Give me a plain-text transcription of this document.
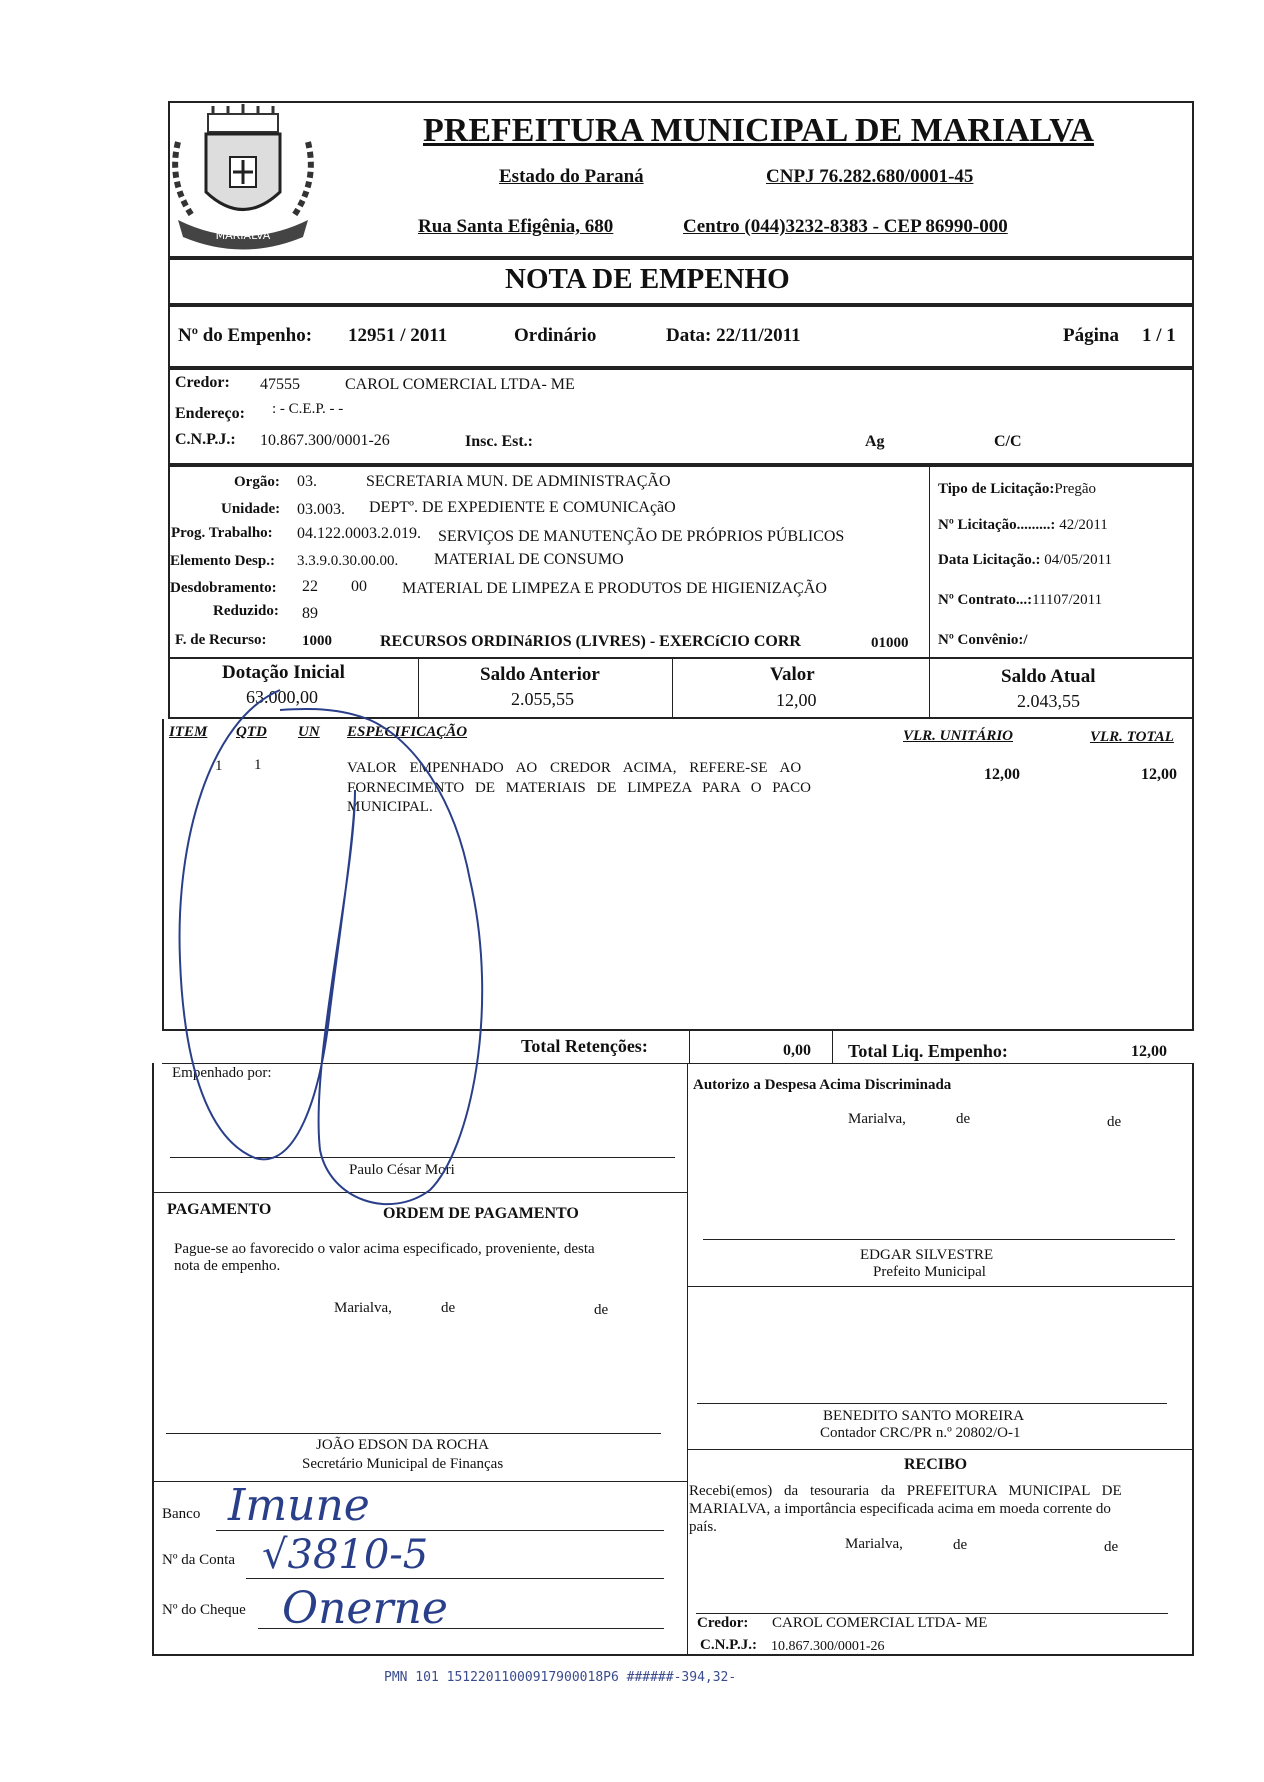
MARIALVA
PREFEITURA MUNICIPAL DE MARIALVA
Estado do Paraná	CNPJ 76.282.680/0001-45
Rua Santa Efigênia, 680	Centro (044)3232-8383 - CEP 86990-000
NOTA DE EMPENHO
Nº do Empenho: 12951 / 2011	Ordinário	Data: 22/11/2011	Página 1 / 1
Credor: 47555	CAROL COMERCIAL LTDA- ME
Endereço: : - C.E.P. - -
C.N.P.J.: 10.867.300/0001-26	Insc. Est.:	Ag	C/C
Orgão: 03.	SECRETARIA MUN. DE ADMINISTRAÇÃO
Unidade: 03.003. DEPTº. DE EXPEDIENTE E COMUNICAçãO
Prog. Trabalho: 04.122.0003.2.019. SERVIÇOS DE MANUTENÇÃO DE PRÓPRIOS PÚBLICOS
Elemento Desp.: 3.3.9.0.30.00.00. MATERIAL DE CONSUMO
Desdobramento: 22 00 MATERIAL DE LIMPEZA E PRODUTOS DE HIGIENIZAÇÃO
Reduzido: 89
F. de Recurso: 1000	RECURSOS ORDINáRIOS (LIVRES) - EXERCíCIO CORR	01000
Tipo de Licitação:Pregão
Nº Licitação.........: 42/2011
Data Licitação.: 04/05/2011
Nº Contrato...:11107/2011
Nº Convênio:/
Dotação Inicial
63.000,00
Saldo Anterior
2.055,55
Valor
12,00
Saldo Atual
2.043,55
ITEM QTD UN ESPECIFICAÇÃO	VLR. UNITÁRIO	VLR. TOTAL
1 1	VALOR EMPENHADO AO CREDOR ACIMA, REFERE-SE AO
FORNECIMENTO DE MATERIAIS DE LIMPEZA PARA O PACO
MUNICIPAL.
12,00	12,00
Total Retenções:	0,00 Total Liq. Empenho:	12,00
Empenhado por:
Paulo César Mori
PAGAMENTO	ORDEM DE PAGAMENTO
Pague-se ao favorecido o valor acima especificado, proveniente, desta
nota de empenho.
Marialva,	de	de
JOÃO EDSON DA ROCHA
Secretário Municipal de Finanças
Banco Imune
Nº da Conta √3810-5
Nº do Cheque Onerne
Autorizo a Despesa Acima Discriminada
Marialva,	de	de
EDGAR SILVESTRE
Prefeito Municipal
BENEDITO SANTO MOREIRA
Contador CRC/PR n.º 20802/O-1
RECIBO
Recebi(emos) da tesouraria da PREFEITURA MUNICIPAL DE
MARIALVA, a importância especificada acima em moeda corrente do
país.
Marialva,	de	de
Credor: CAROL COMERCIAL LTDA- ME
C.N.P.J.: 10.867.300/0001-26
PMN 101 15122011000917900018P6 ######-394,32-
